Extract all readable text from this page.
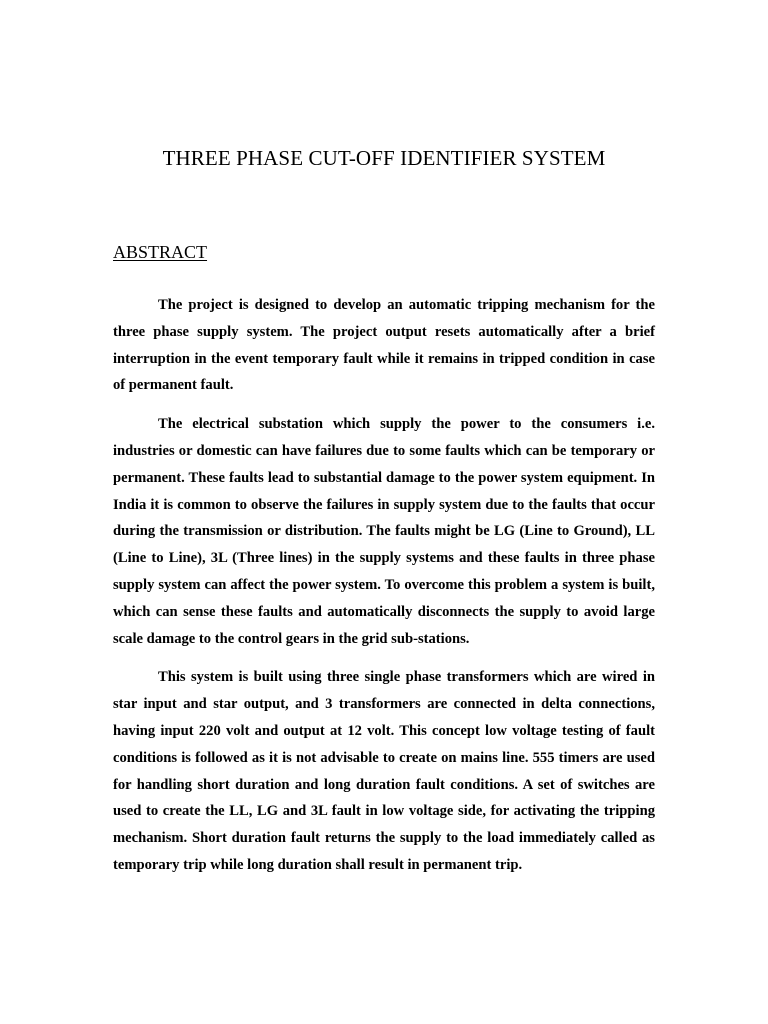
THREE PHASE CUT-OFF IDENTIFIER SYSTEM
ABSTRACT

The project is designed to develop an automatic tripping mechanism for the three phase supply system. The project output resets automatically after a brief interruption in the event temporary fault while it remains in tripped condition in case of permanent fault.

The electrical substation which supply the power to the consumers i.e. industries or domestic can have failures due to some faults which can be temporary or permanent. These faults lead to substantial damage to the power system equipment. In India it is common to observe the failures in supply system due to the faults that occur during the transmission or distribution. The faults might be LG (Line to Ground), LL (Line to Line), 3L (Three lines) in the supply systems and these faults in three phase supply system can affect the power system. To overcome this problem a system is built, which can sense these faults and automatically disconnects the supply to avoid large scale damage to the control gears in the grid sub-stations.

This system is built using three single phase transformers which are wired in star input and star output, and 3 transformers are connected in delta connections, having input 220 volt and output at 12 volt. This concept low voltage testing of fault conditions is followed as it is not advisable to create on mains line. 555 timers are used for handling short duration and long duration fault conditions. A set of switches are used to create the LL, LG and 3L fault in low voltage side, for activating the tripping mechanism. Short duration fault returns the supply to the load immediately called as temporary trip while long duration shall result in permanent trip.
